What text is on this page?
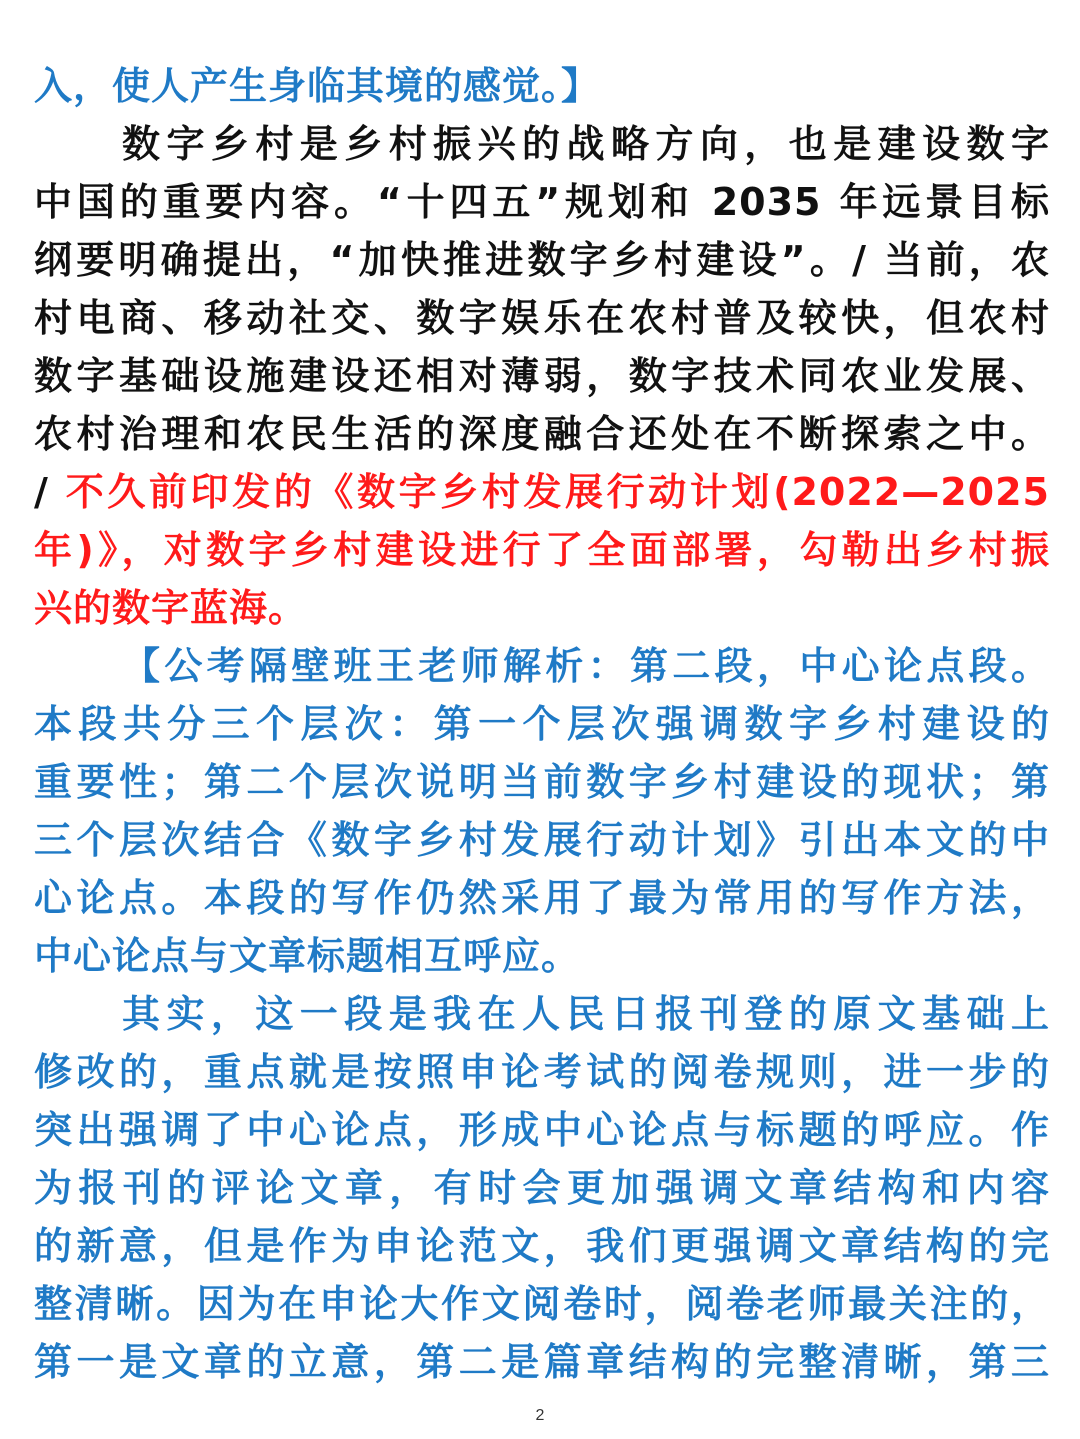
入，使人产生身临其境的感觉。】
数字乡村是乡村振兴的战略方向，也是建设数字
中国的重要内容。“十四五”规划和 2035 年远景目标
纲要明确提出，“加快推进数字乡村建设”。/ 当前，农
村电商、移动社交、数字娱乐在农村普及较快，但农村
数字基础设施建设还相对薄弱，数字技术同农业发展、
农村治理和农民生活的深度融合还处在不断探索之中。
/ 不久前印发的《数字乡村发展行动计划(2022—2025
年)》，对数字乡村建设进行了全面部署，勾勒出乡村振
兴的数字蓝海。
【公考隔壁班王老师解析：第二段，中心论点段。
本段共分三个层次：第一个层次强调数字乡村建设的
重要性；第二个层次说明当前数字乡村建设的现状；第
三个层次结合《数字乡村发展行动计划》引出本文的中
心论点。本段的写作仍然采用了最为常用的写作方法，
中心论点与文章标题相互呼应。
其实，这一段是我在人民日报刊登的原文基础上
修改的，重点就是按照申论考试的阅卷规则，进一步的
突出强调了中心论点，形成中心论点与标题的呼应。作
为报刊的评论文章，有时会更加强调文章结构和内容
的新意，但是作为申论范文，我们更强调文章结构的完
整清晰。因为在申论大作文阅卷时，阅卷老师最关注的，
第一是文章的立意，第二是篇章结构的完整清晰，第三
2
